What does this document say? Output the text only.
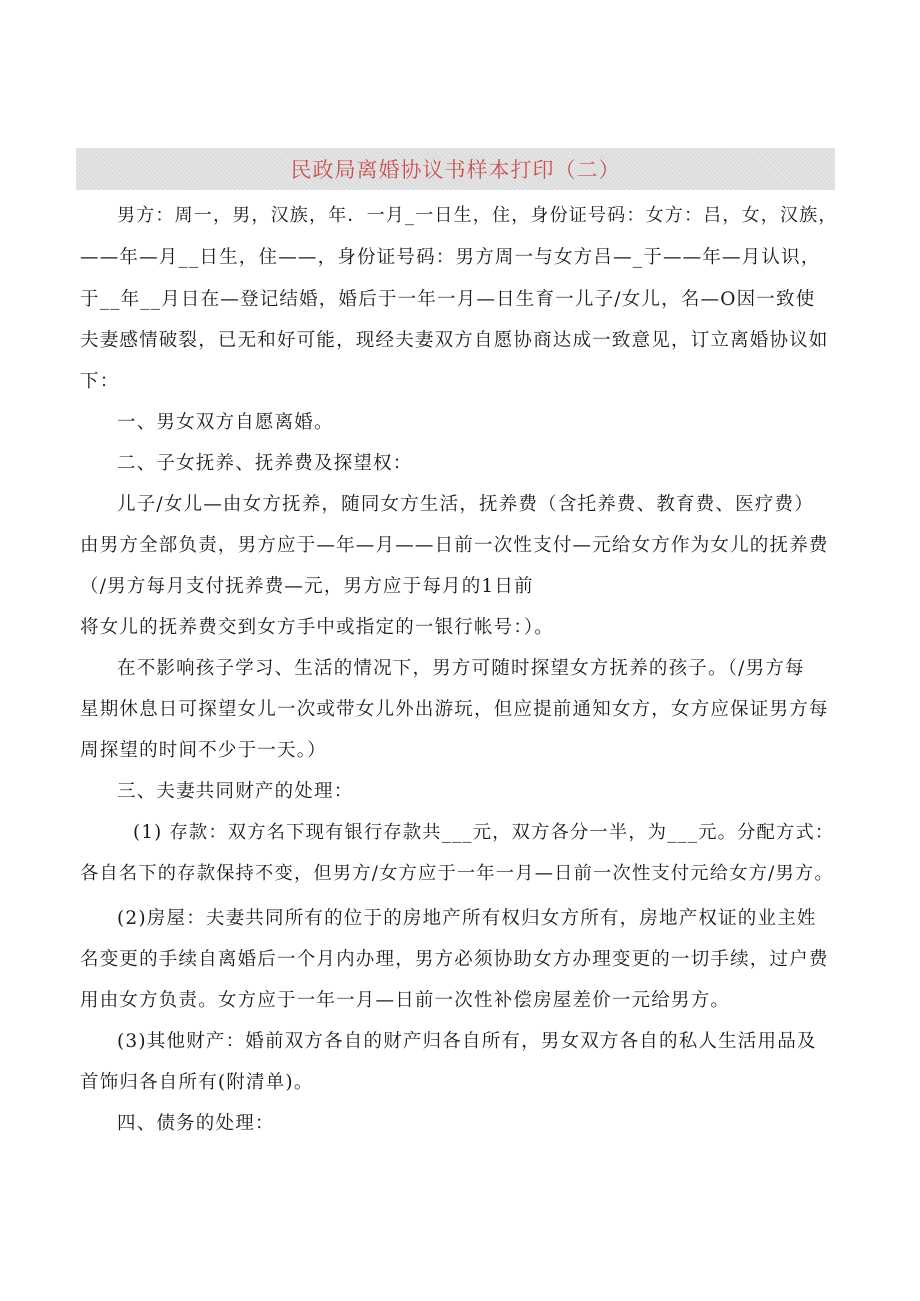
民政局离婚协议书样本打印（二）
男方：周一，男，汉族，年．一月_一日生，住，身份证号码：女方：吕，女，汉族，
——年—月__日生，住——，身份证号码：男方周一与女方吕—_于——年—月认识，
于__年__月日在—登记结婚，婚后于一年一月—日生育一儿子/女儿，名—O因一致使
夫妻感情破裂，已无和好可能，现经夫妻双方自愿协商达成一致意见，订立离婚协议如
下：
一、男女双方自愿离婚。
二、子女抚养、抚养费及探望权：
儿子/女儿—由女方抚养，随同女方生活，抚养费（含托养费、教育费、医疗费）
由男方全部负责，男方应于—年—月——日前一次性支付—元给女方作为女儿的抚养费
（/男方每月支付抚养费—元，男方应于每月的1日前
将女儿的抚养费交到女方手中或指定的一银行帐号：）。
在不影响孩子学习、生活的情况下，男方可随时探望女方抚养的孩子。（/男方每
星期休息日可探望女儿一次或带女儿外出游玩，但应提前通知女方，女方应保证男方每
周探望的时间不少于一天。）
三、夫妻共同财产的处理：
(1) 存款：双方名下现有银行存款共___元，双方各分一半，为___元。分配方式：
各自名下的存款保持不变，但男方/女方应于一年一月—日前一次性支付元给女方/男方。
(2)房屋：夫妻共同所有的位于的房地产所有权归女方所有，房地产权证的业主姓
名变更的手续自离婚后一个月内办理，男方必须协助女方办理变更的一切手续，过户费
用由女方负责。女方应于一年一月—日前一次性补偿房屋差价一元给男方。
(3)其他财产：婚前双方各自的财产归各自所有，男女双方各自的私人生活用品及
首饰归各自所有(附清单)。
四、债务的处理：
